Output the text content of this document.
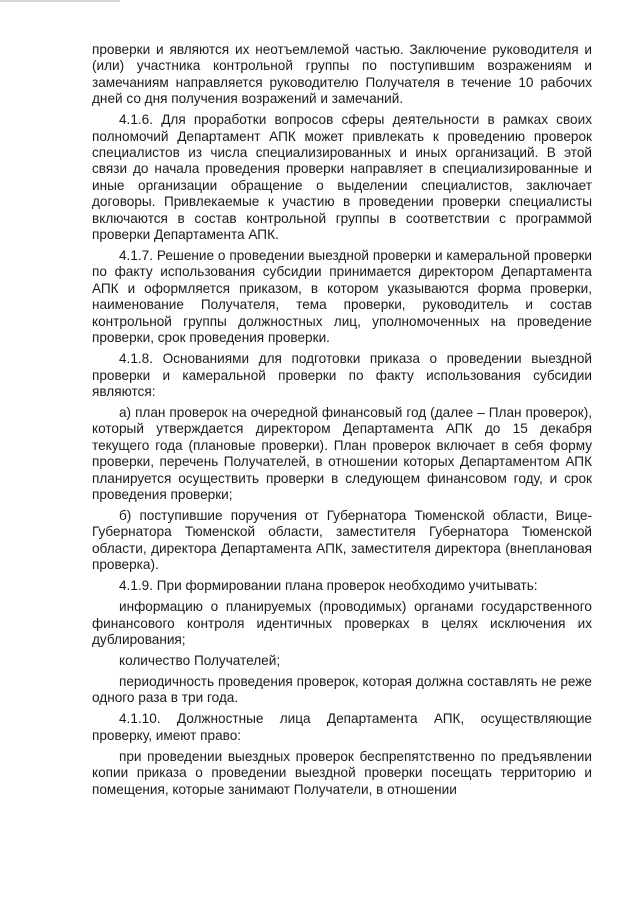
проверки и являются их неотъемлемой частью. Заключение руководителя и (или) участника контрольной группы по поступившим возражениям и замечаниям направляется руководителю Получателя в течение 10 рабочих дней со дня получения возражений и замечаний.

4.1.6. Для проработки вопросов сферы деятельности в рамках своих полномочий Департамент АПК может привлекать к проведению проверок специалистов из числа специализированных и иных организаций. В этой связи до начала проведения проверки направляет в специализированные и иные организации обращение о выделении специалистов, заключает договоры. Привлекаемые к участию в проведении проверки специалисты включаются в состав контрольной группы в соответствии с программой проверки Департамента АПК.

4.1.7. Решение о проведении выездной проверки и камеральной проверки по факту использования субсидии принимается директором Департамента АПК и оформляется приказом, в котором указываются форма проверки, наименование Получателя, тема проверки, руководитель и состав контрольной группы должностных лиц, уполномоченных на проведение проверки, срок проведения проверки.

4.1.8. Основаниями для подготовки приказа о проведении выездной проверки и камеральной проверки по факту использования субсидии являются:

а) план проверок на очередной финансовый год (далее – План проверок), который утверждается директором Департамента АПК до 15 декабря текущего года (плановые проверки). План проверок включает в себя форму проверки, перечень Получателей, в отношении которых Департаментом АПК планируется осуществить проверки в следующем финансовом году, и срок проведения проверки;

б) поступившие поручения от Губернатора Тюменской области, Вице-Губернатора Тюменской области, заместителя Губернатора Тюменской области, директора Департамента АПК, заместителя директора (внеплановая проверка).

4.1.9. При формировании плана проверок необходимо учитывать:

информацию о планируемых (проводимых) органами государственного финансового контроля идентичных проверках в целях исключения их дублирования;

количество Получателей;

периодичность проведения проверок, которая должна составлять не реже одного раза в три года.

4.1.10. Должностные лица Департамента АПК, осуществляющие проверку, имеют право:

при проведении выездных проверок беспрепятственно по предъявлении копии приказа о проведении выездной проверки посещать территорию и помещения, которые занимают Получатели, в отношении
